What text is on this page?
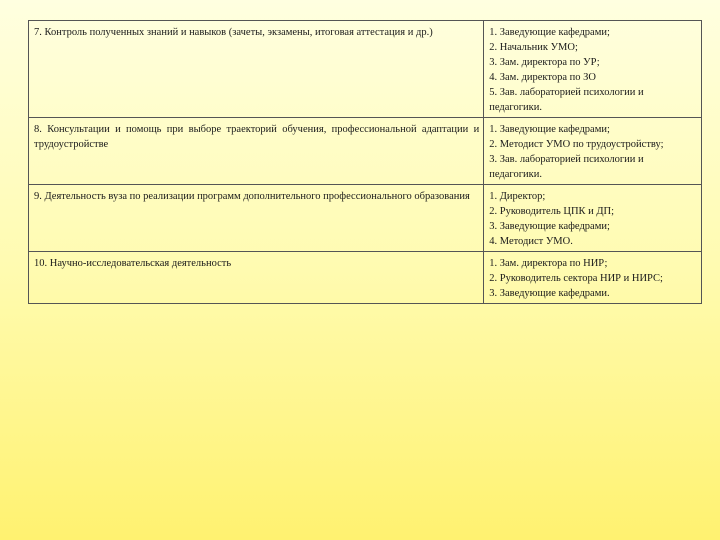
7. Контроль полученных знаний и навыков (зачеты, экзамены, итоговая аттестация и др.)	1. Заведующие кафедрами;
2. Начальник УМО;
3. Зам. директора по УР;
4. Зам. директора по ЗО
5. Зав. лабораторией психологии и педагогики.
8. Консультации и помощь при выборе траекторий обучения, профессиональной адаптации и трудоустройстве	1. Заведующие кафедрами;
2. Методист УМО по трудоустройству;
3. Зав. лабораторией психологии и педагогики.
9. Деятельность вуза по реализации программ дополнительного профессионального образования	1. Директор;
2. Руководитель ЦПК и ДП;
3. Заведующие кафедрами;
4. Методист УМО.

10. Научно-исследовательская деятельность	1. Зам. директора по НИР;
2. Руководитель сектора НИР и НИРС;
3. Заведующие кафедрами.
